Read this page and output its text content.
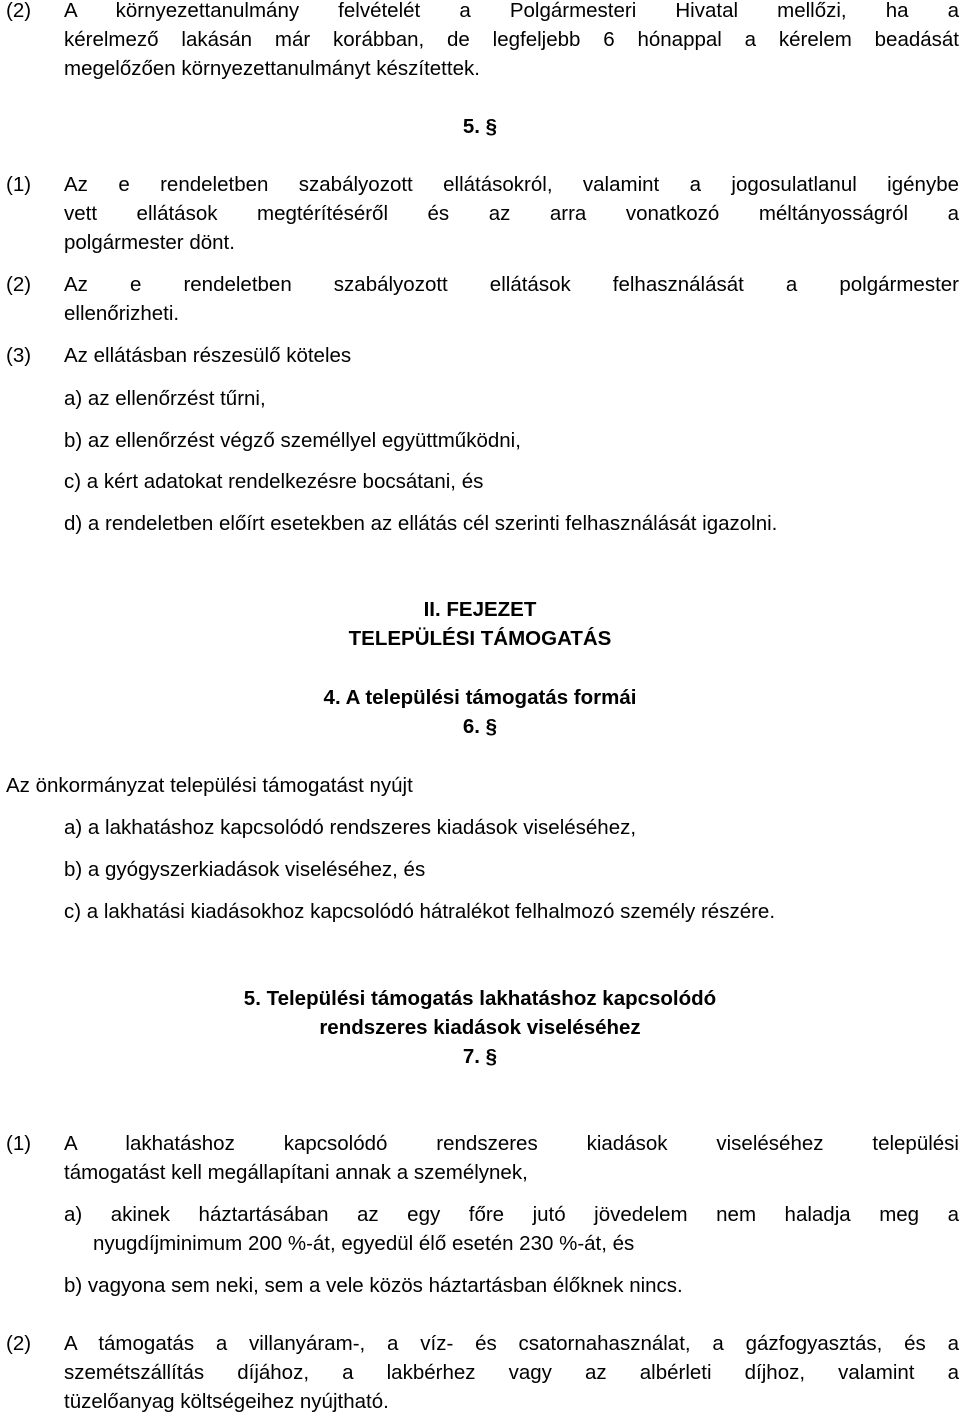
(2) A környezettanulmány felvételét a Polgármesteri Hivatal mellőzi, ha a
kérelmező lakásán már korábban, de legfeljebb 6 hónappal a kérelem beadását
megelőzően környezettanulmányt készítettek.
5. §
(1) Az e rendeletben szabályozott ellátásokról, valamint a jogosulatlanul igénybe
vett ellátások megtérítéséről és az arra vonatkozó méltányosságról a
polgármester dönt.
(2) Az e rendeletben szabályozott ellátások felhasználását a polgármester
ellenőrizheti.
(3) Az ellátásban részesülő köteles
a) az ellenőrzést tűrni,
b) az ellenőrzést végző személlyel együttműködni,
c) a kért adatokat rendelkezésre bocsátani, és
d) a rendeletben előírt esetekben az ellátás cél szerinti felhasználását igazolni.
II. FEJEZET
TELEPÜLÉSI TÁMOGATÁS
4. A települési támogatás formái
6. §
Az önkormányzat települési támogatást nyújt
a) a lakhatáshoz kapcsolódó rendszeres kiadások viseléséhez,
b) a gyógyszerkiadások viseléséhez, és
c) a lakhatási kiadásokhoz kapcsolódó hátralékot felhalmozó személy részére.
5. Települési támogatás lakhatáshoz kapcsolódó
rendszeres kiadások viseléséhez
7. §
(1) A lakhatáshoz kapcsolódó rendszeres kiadások viseléséhez települési
támogatást kell megállapítani annak a személynek,
a) akinek háztartásában az egy főre jutó jövedelem nem haladja meg a
nyugdíjminimum 200 %-át, egyedül élő esetén 230 %-át, és
b) vagyona sem neki, sem a vele közös háztartásban élőknek nincs.
(2) A támogatás a villanyáram-, a víz- és csatornahasználat, a gázfogyasztás, és a
szemétszállítás díjához, a lakbérhez vagy az albérleti díjhoz, valamint a
tüzelőanyag költségeihez nyújtható.
